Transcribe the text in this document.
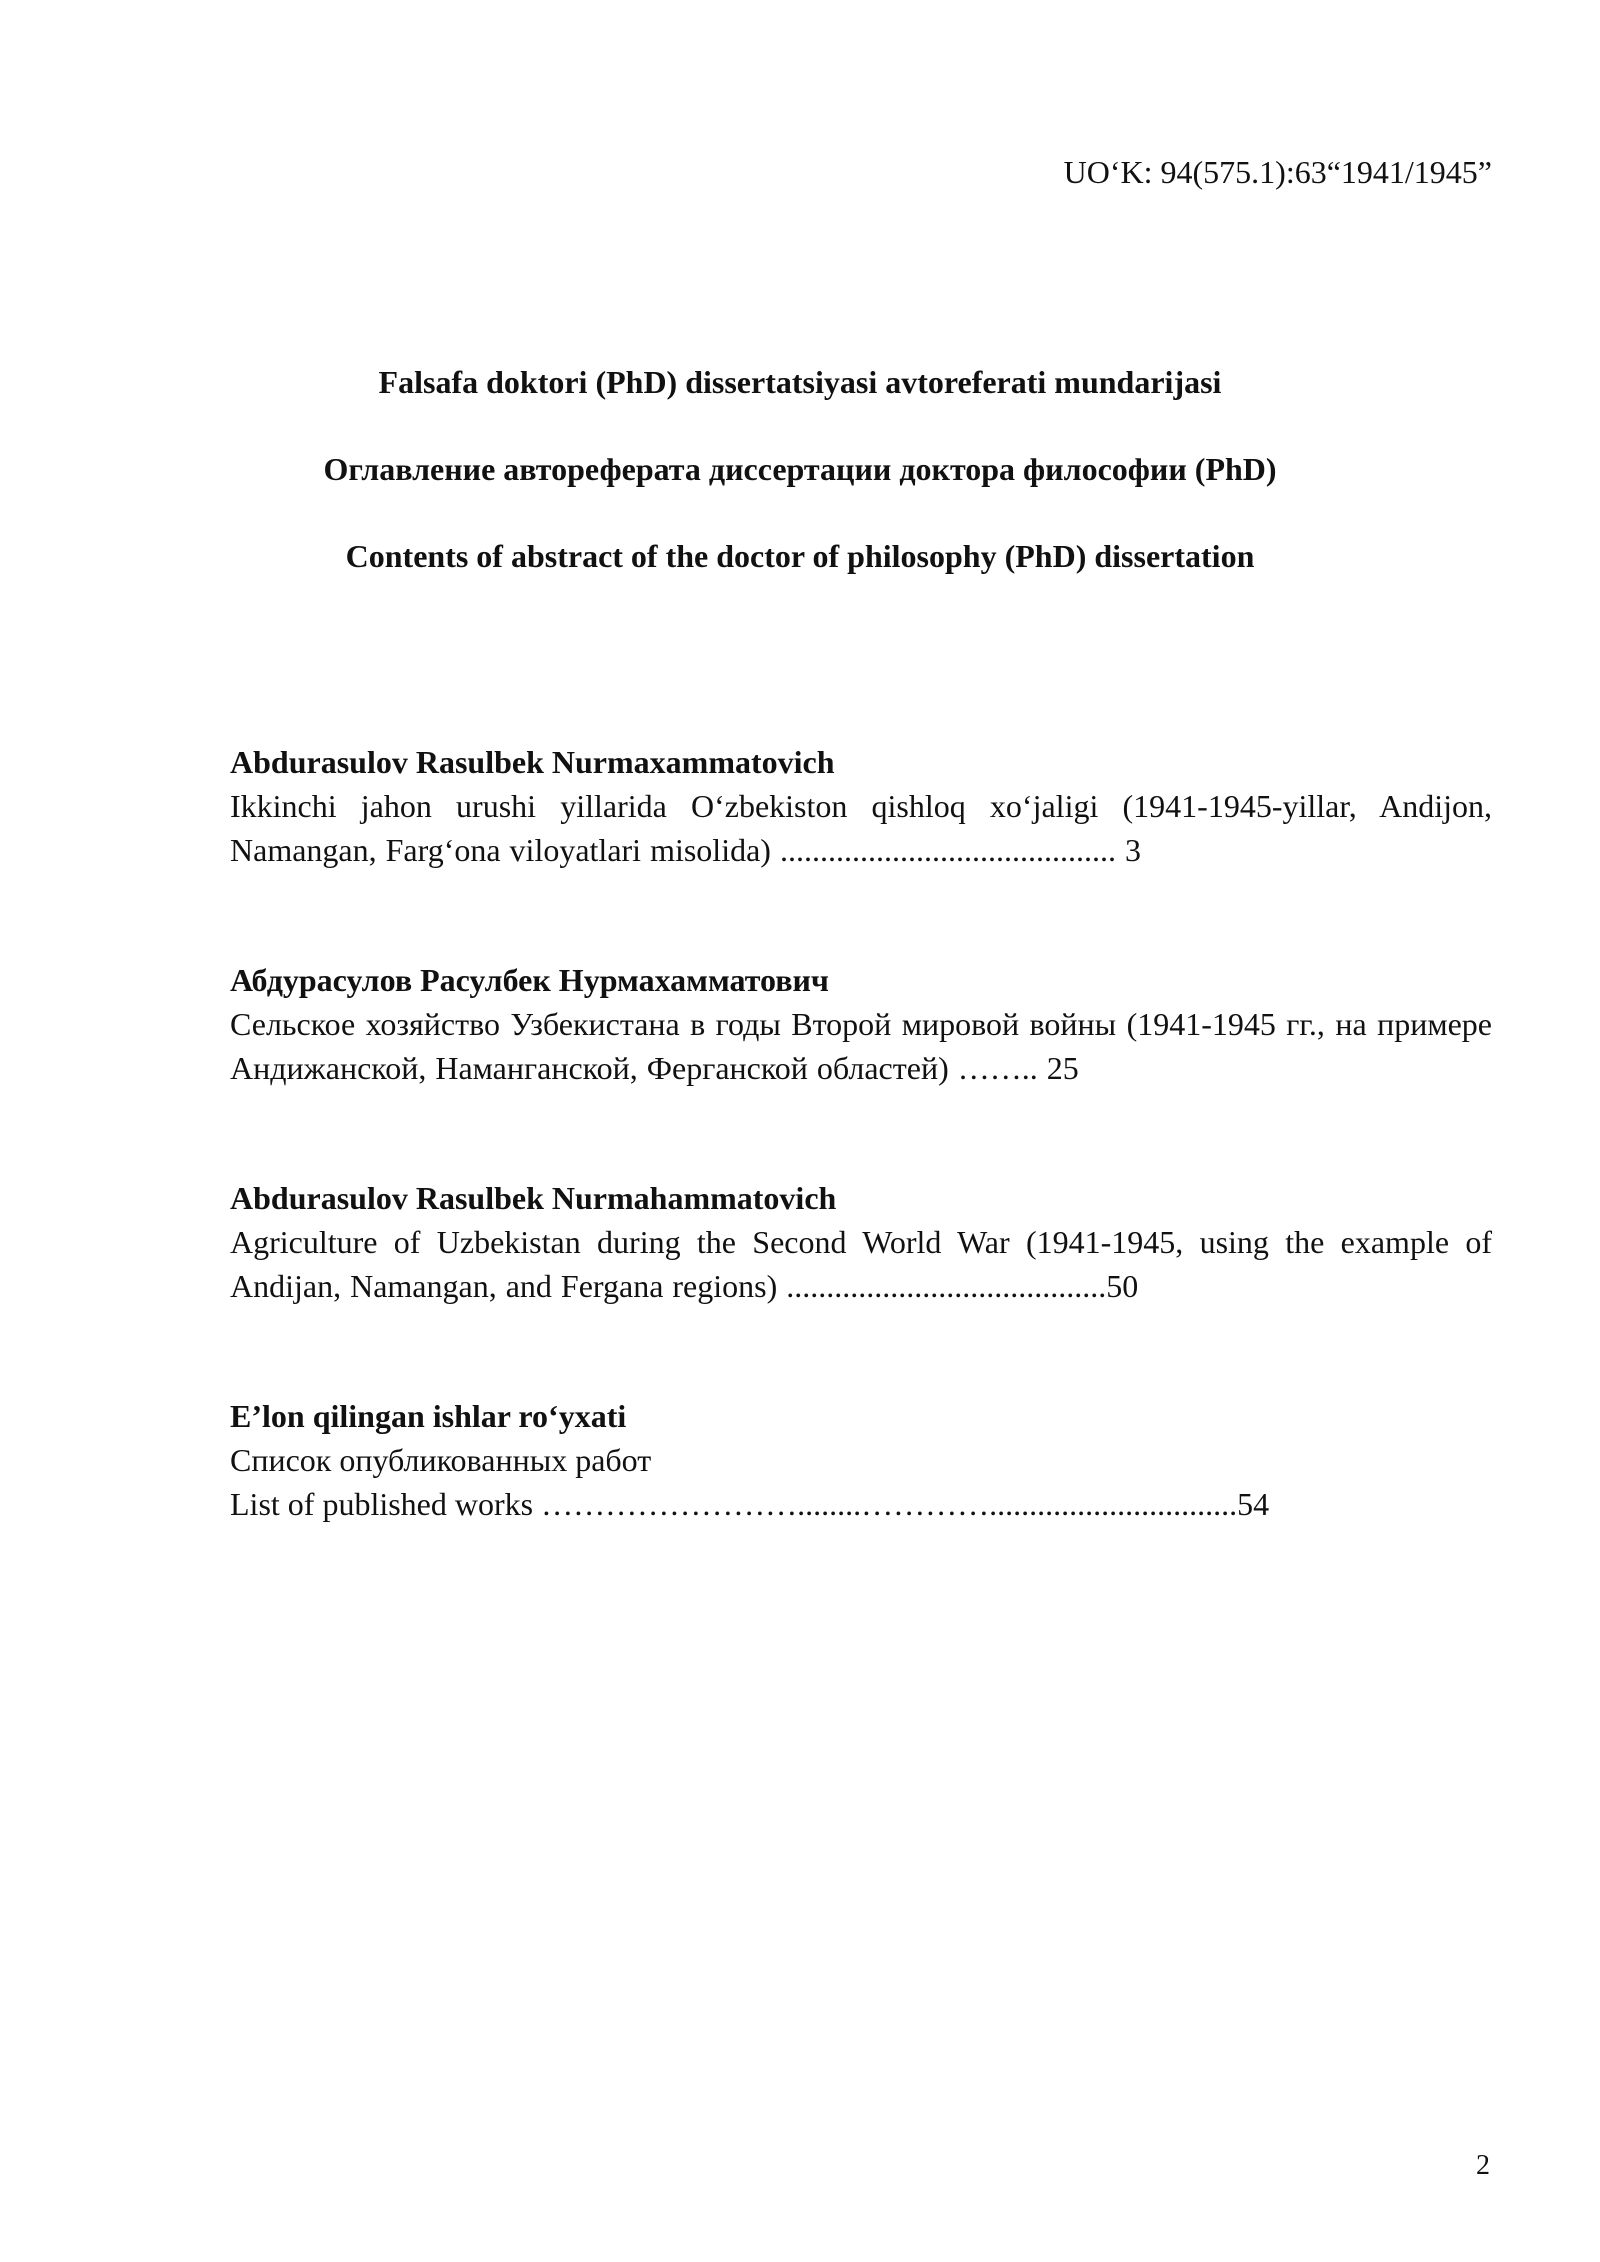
UO‘K: 94(575.1):63“1941/1945”
Falsafa doktori (PhD) dissertatsiyasi avtoreferati mundarijasi
Оглавление автореферата диссертации доктора философии (PhD)
Contents of abstract of the doctor of philosophy (PhD) dissertation
Abdurasulov Rasulbek Nurmaxammatovich
Ikkinchi jahon urushi yillarida O‘zbekiston qishloq xo‘jaligi (1941-1945-yillar, Andijon, Namangan, Farg‘ona viloyatlari misolida) .......................................... 3
Абдурасулов Расулбек Нурмахамматович
Сельское хозяйство Узбекистана в годы Второй мировой войны (1941-1945 гг., на примере Андижанской, Наманганской, Ферганской областей) …….. 25
Abdurasulov Rasulbek Nurmahammatovich
Agriculture of Uzbekistan during the Second World War (1941-1945, using the example of Andijan, Namangan, and Fergana regions) ........................................50
E’lon qilingan ishlar ro‘yxati
Список опубликованных работ
List of published works ……………………........…………...............................54
2
